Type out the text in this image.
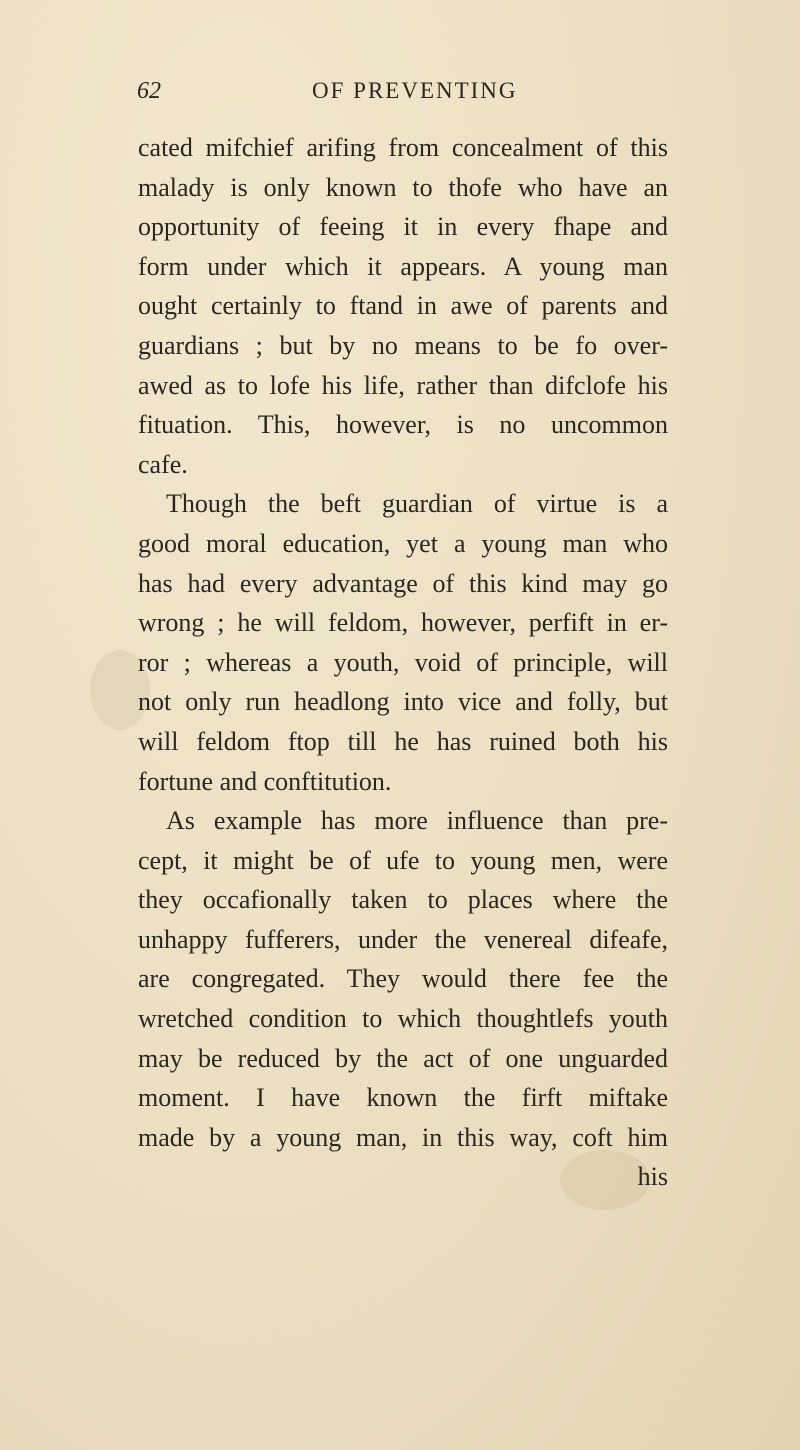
62	OF PREVENTING
cated mifchief arifing from concealment of this
malady is only known to thofe who have an
opportunity of feeing it in every fhape and
form under which it appears. A young man
ought certainly to ftand in awe of parents and
guardians ; but by no means to be fo over-
awed as to lofe his life, rather than difclofe his
fituation. This, however, is no uncommon
cafe.
Though the beft guardian of virtue is a
good moral education, yet a young man who
has had every advantage of this kind may go
wrong ; he will feldom, however, perfift in er-
ror ; whereas a youth, void of principle, will
not only run headlong into vice and folly, but
will feldom ftop till he has ruined both his
fortune and conftitution.
As example has more influence than pre-
cept, it might be of ufe to young men, were
they occafionally taken to places where the
unhappy fufferers, under the venereal difeafe,
are congregated. They would there fee the
wretched condition to which thoughtlefs youth
may be reduced by the act of one unguarded
moment. I have known the firft miftake
made by a young man, in this way, coft him
his
